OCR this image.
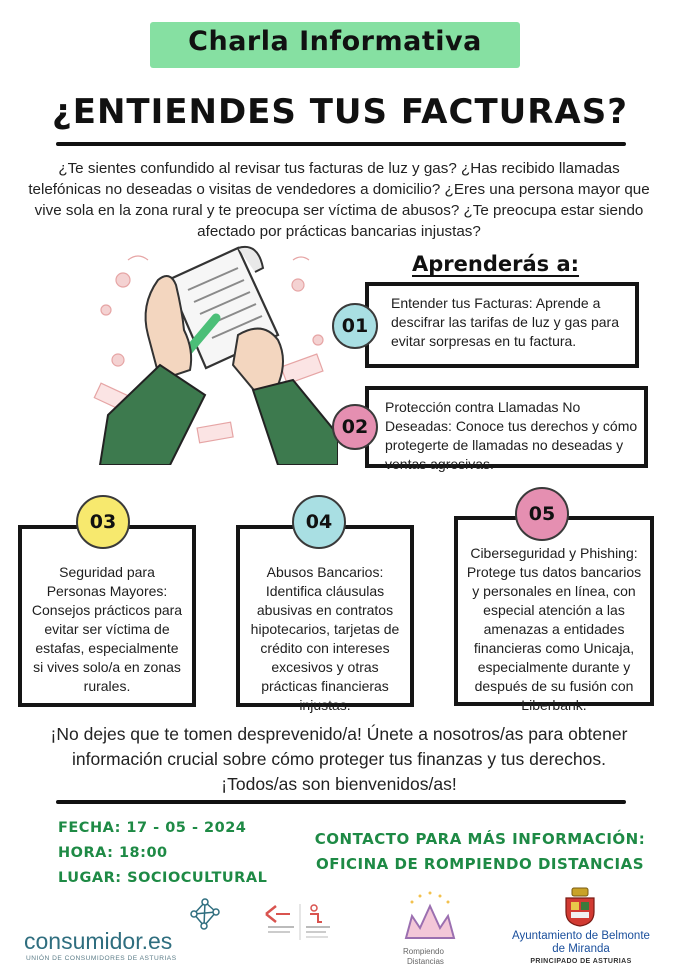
Charla Informativa
¿ENTIENDES TUS FACTURAS?
¿Te sientes confundido al revisar tus facturas de luz y gas? ¿Has recibido llamadas telefónicas no deseadas o visitas de vendedores a domicilio? ¿Eres una persona mayor que vive sola en la zona rural y te preocupa ser víctima de abusos? ¿Te preocupa estar siendo afectado por prácticas bancarias injustas?
Aprenderás a:
Entender tus Facturas: Aprende a descifrar las tarifas de luz y gas para evitar sorpresas en tu factura.
01
Protección contra Llamadas No Deseadas: Conoce tus derechos y cómo protegerte de llamadas no deseadas y ventas agresivas.
02
Seguridad para Personas Mayores: Consejos prácticos para evitar ser víctima de estafas, especialmente si vives solo/a en zonas rurales.
03
Abusos Bancarios: Identifica cláusulas abusivas en contratos hipotecarios, tarjetas de crédito con intereses excesivos y otras prácticas financieras injustas.
04
Ciberseguridad y Phishing: Protege tus datos bancarios y personales en línea, con especial atención a las amenazas a entidades financieras como Unicaja, especialmente durante y después de su fusión con Liberbank.
05
¡No dejes que te tomen desprevenido/a! Únete a nosotros/as para obtener información crucial sobre cómo proteger tus finanzas y tus derechos. ¡Todos/as son bienvenidos/as!
FECHA: 17 - 05 - 2024
HORA: 18:00
LUGAR: SOCIOCULTURAL
CONTACTO PARA MÁS INFORMACIÓN:
OFICINA DE ROMPIENDO DISTANCIAS
consumidor.es
UNIÓN DE CONSUMIDORES DE ASTURIAS
Rompiendo
Distancias
Ayuntamiento de Belmonte
de Miranda
PRINCIPADO DE ASTURIAS
